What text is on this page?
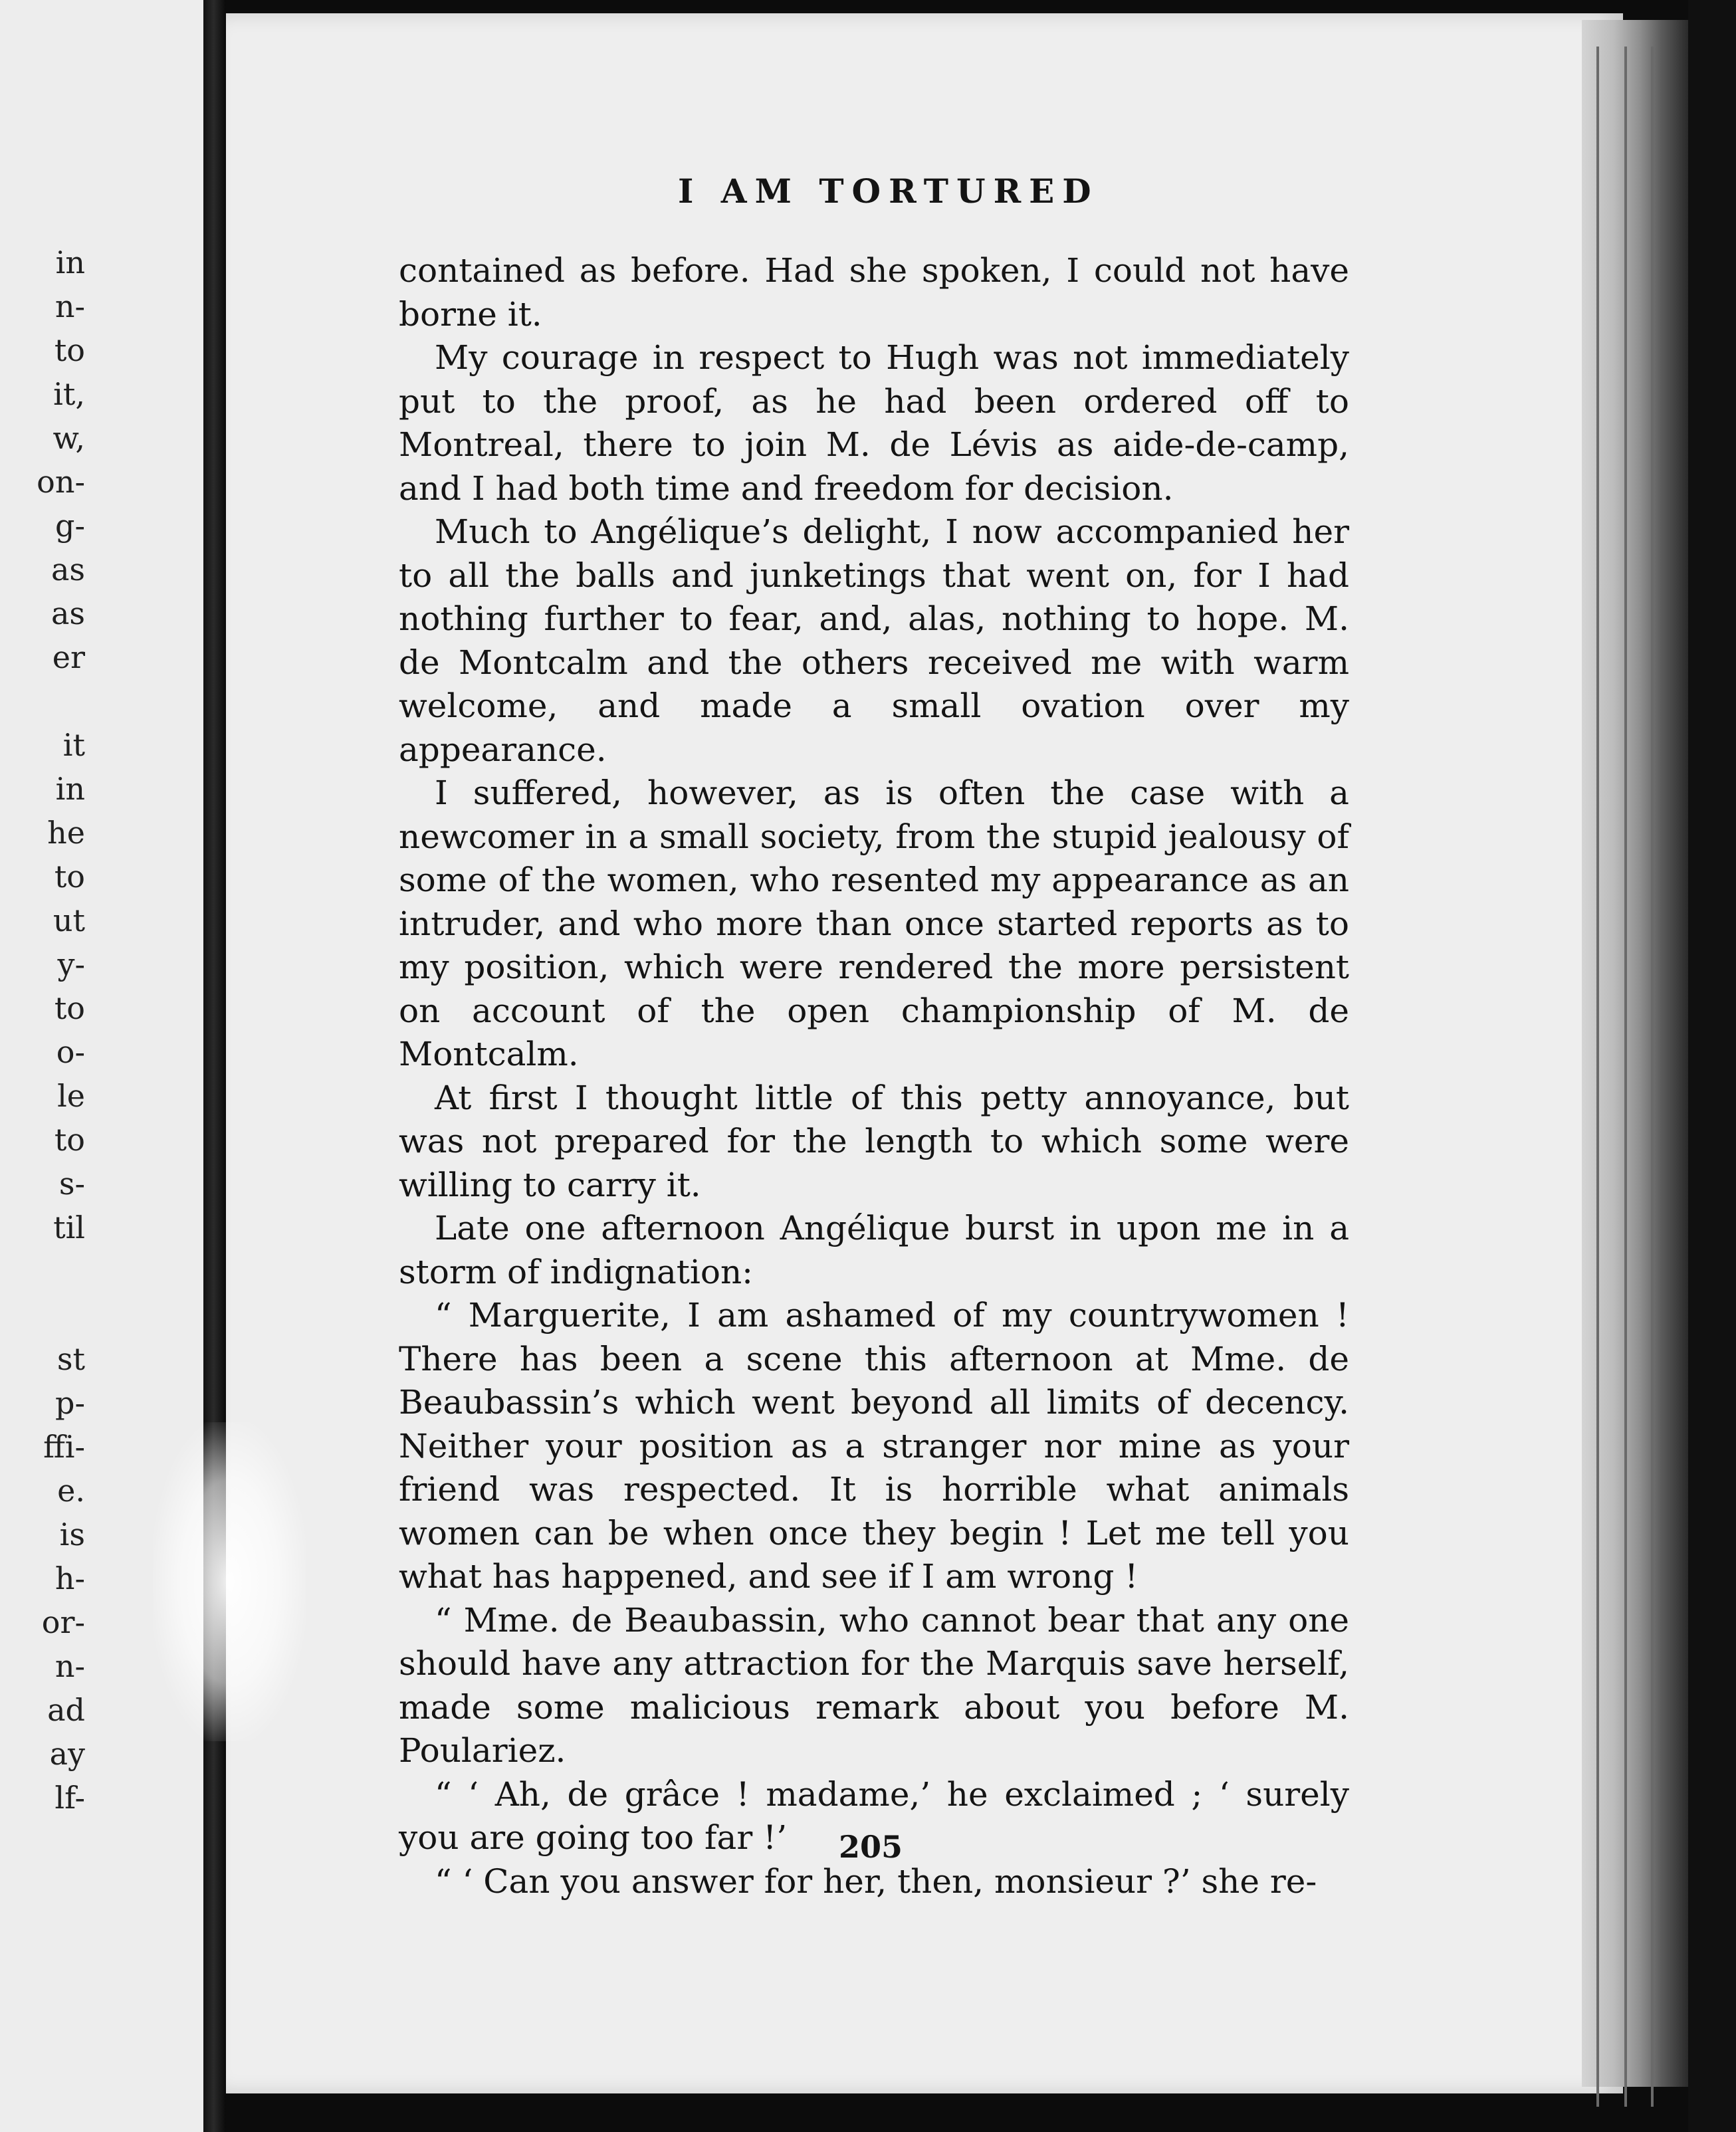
in
n-
to
it,
w,
on-
g-
as
as
er
it
in
he
to
ut
y-
to
o-
le
to
s-
til
st
p-
ffi-
e.
is
h-
or-
n-
ad
ay
lf-
I AM TORTURED

contained as before. Had she spoken, I could not have borne it.

My courage in respect to Hugh was not immediately put to the proof, as he had been ordered off to Montreal, there to join M. de Lévis as aide-de-camp, and I had both time and freedom for decision.

Much to Angélique’s delight, I now accompanied her to all the balls and junketings that went on, for I had nothing further to fear, and, alas, nothing to hope. M. de Montcalm and the others received me with warm welcome, and made a small ovation over my appearance.

I suffered, however, as is often the case with a newcomer in a small society, from the stupid jealousy of some of the women, who resented my appearance as an intruder, and who more than once started reports as to my position, which were rendered the more persistent on account of the open championship of M. de Montcalm.

At first I thought little of this petty annoyance, but was not prepared for the length to which some were willing to carry it.

Late one afternoon Angélique burst in upon me in a storm of indignation:

“ Marguerite, I am ashamed of my countrywomen ! There has been a scene this afternoon at Mme. de Beaubassin’s which went beyond all limits of decency. Neither your position as a stranger nor mine as your friend was respected. It is horrible what animals women can be when once they begin ! Let me tell you what has happened, and see if I am wrong !

“ Mme. de Beaubassin, who cannot bear that any one should have any attraction for the Marquis save herself, made some malicious remark about you before M. Poulariez.

“ ‘ Ah, de grâce ! madame,’ he exclaimed ; ‘ surely you are going too far !’

“ ‘ Can you answer for her, then, monsieur ?’ she re-

205
